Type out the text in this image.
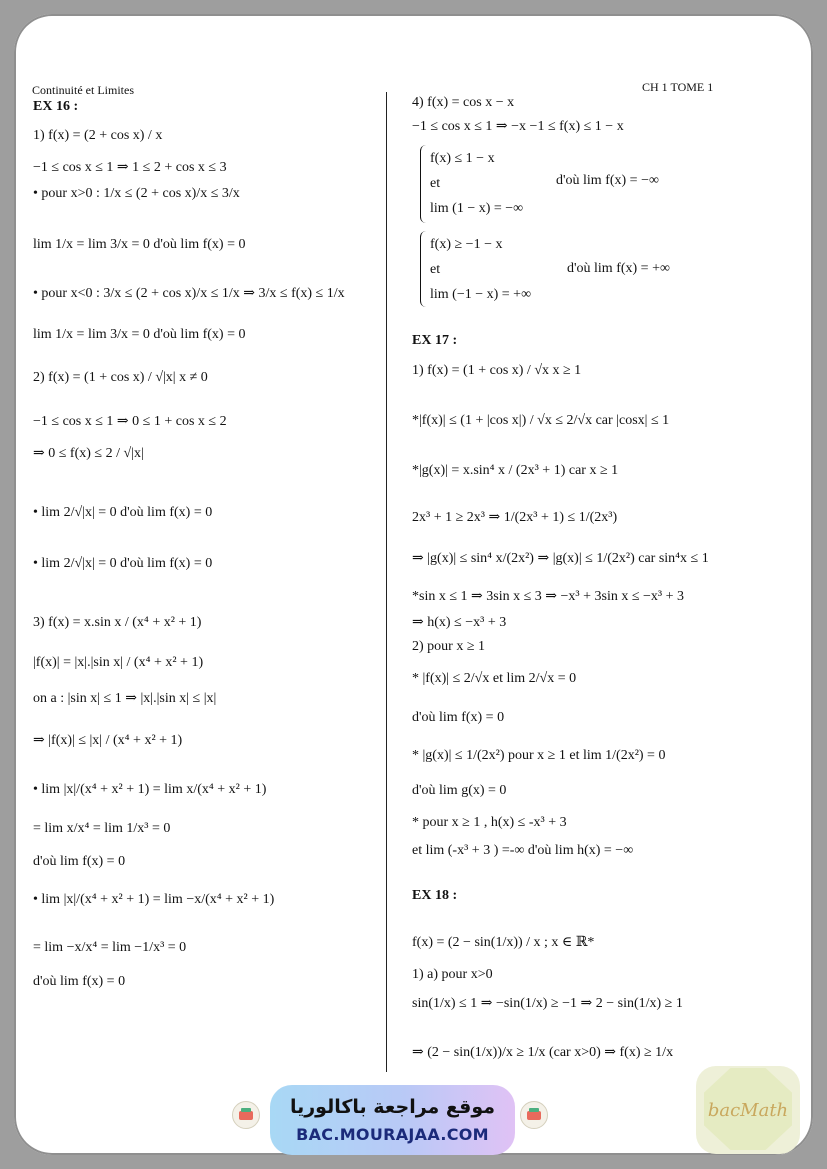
Continuité et Limites	CH 1 TOME 1
EX 16 :
1) f(x) = (2 + cos x) / x
−1 ≤ cos x ≤ 1 ⇒ 1 ≤ 2 + cos x ≤ 3
• pour x>0 : 1/x ≤ (2 + cos x)/x ≤ 3/x
lim 1/x = lim 3/x = 0 d'où lim f(x) = 0
• pour x<0 : 3/x ≤ (2 + cos x)/x ≤ 1/x ⇒ 3/x ≤ f(x) ≤ 1/x
lim 1/x = lim 3/x = 0 d'où lim f(x) = 0
2) f(x) = (1 + cos x) / √|x| x ≠ 0
−1 ≤ cos x ≤ 1 ⇒ 0 ≤ 1 + cos x ≤ 2
⇒ 0 ≤ f(x) ≤ 2 / √|x|
• lim 2/√|x| = 0 d'où lim f(x) = 0
• lim 2/√|x| = 0 d'où lim f(x) = 0
3) f(x) = x.sin x / (x⁴ + x² + 1)
|f(x)| = |x|.|sin x| / (x⁴ + x² + 1)
on a : |sin x| ≤ 1 ⇒ |x|.|sin x| ≤ |x|
⇒ |f(x)| ≤ |x| / (x⁴ + x² + 1)
• lim |x|/(x⁴ + x² + 1) = lim x/(x⁴ + x² + 1)
= lim x/x⁴ = lim 1/x³ = 0
d'où lim f(x) = 0
• lim |x|/(x⁴ + x² + 1) = lim −x/(x⁴ + x² + 1)
= lim −x/x⁴ = lim −1/x³ = 0
d'où lim f(x) = 0
4) f(x) = cos x − x
−1 ≤ cos x ≤ 1 ⇒ −x −1 ≤ f(x) ≤ 1 − x
f(x) ≤ 1 − x
et
lim (1 − x) = −∞
d'où lim f(x) = −∞
f(x) ≥ −1 − x
et
lim (−1 − x) = +∞
d'où lim f(x) = +∞
EX 17 :
1) f(x) = (1 + cos x) / √x x ≥ 1
*|f(x)| ≤ (1 + |cos x|) / √x ≤ 2/√x car |cosx| ≤ 1
*|g(x)| = x.sin⁴ x / (2x³ + 1) car x ≥ 1
2x³ + 1 ≥ 2x³ ⇒ 1/(2x³ + 1) ≤ 1/(2x³)
⇒ |g(x)| ≤ sin⁴ x/(2x²) ⇒ |g(x)| ≤ 1/(2x²) car sin⁴x ≤ 1
*sin x ≤ 1 ⇒ 3sin x ≤ 3 ⇒ −x³ + 3sin x ≤ −x³ + 3
⇒ h(x) ≤ −x³ + 3
2) pour x ≥ 1
* |f(x)| ≤ 2/√x et lim 2/√x = 0
d'où lim f(x) = 0
* |g(x)| ≤ 1/(2x²) pour x ≥ 1 et lim 1/(2x²) = 0
d'où lim g(x) = 0
* pour x ≥ 1 , h(x) ≤ -x³ + 3
et lim (-x³ + 3 ) =-∞ d'où lim h(x) = −∞
EX 18 :
f(x) = (2 − sin(1/x)) / x ; x ∈ ℝ*
1) a) pour x>0
sin(1/x) ≤ 1 ⇒ −sin(1/x) ≥ −1 ⇒ 2 − sin(1/x) ≥ 1
⇒ (2 − sin(1/x))/x ≥ 1/x (car x>0) ⇒ f(x) ≥ 1/x
موقع مراجعة باكالوريا
BAC.MOURAJAA.COM
bacMath
